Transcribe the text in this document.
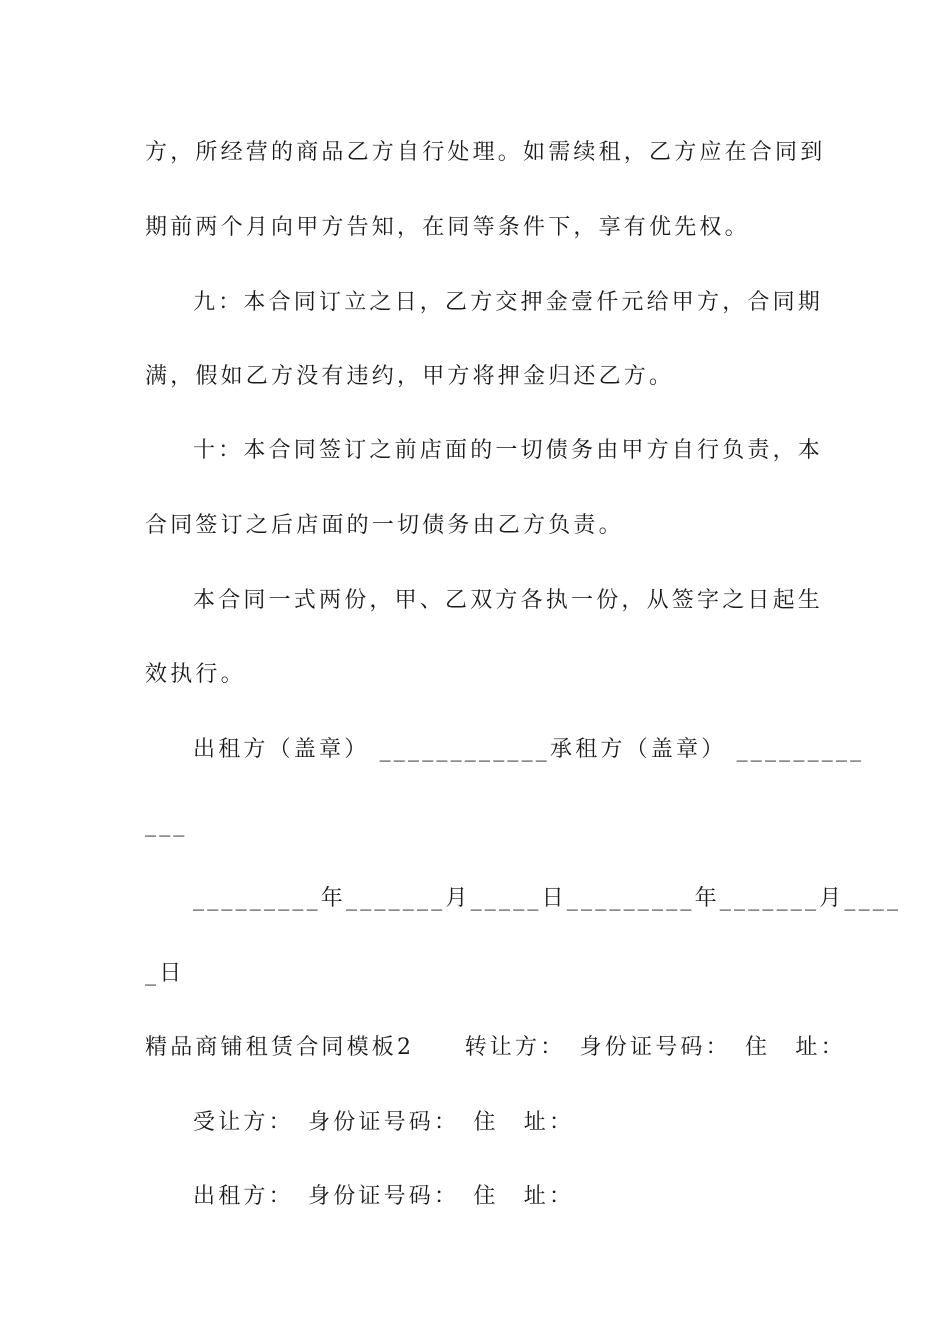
方，所经营的商品乙方自行处理。如需续租，乙方应在合同到
期前两个月向甲方告知，在同等条件下，享有优先权。
九：本合同订立之日，乙方交押金壹仟元给甲方，合同期
满，假如乙方没有违约，甲方将押金归还乙方。
十：本合同签订之前店面的一切债务由甲方自行负责，本
合同签订之后店面的一切债务由乙方负责。
本合同一式两份，甲、乙双方各执一份，从签字之日起生
效执行。
出租方（盖章） ____________承租方（盖章） _________
___
_________年_______月_____日_________年_______月____
_日
精品商铺租赁合同模板2　　转让方：　身份证号码：　住　址：
受让方：　身份证号码：　住　址：
出租方：　身份证号码：　住　址：
